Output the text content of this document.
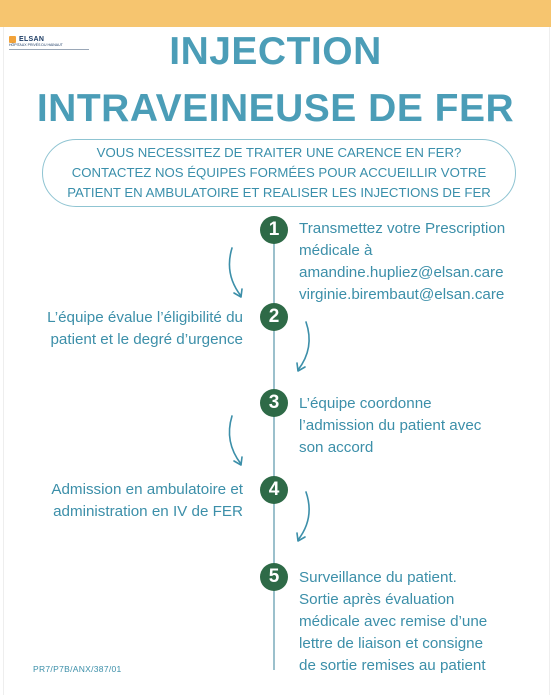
ELSAN
HÔPITAUX PRIVÉS DU HAINAUT	INJECTION
INTRAVEINEUSE DE FER
VOUS NECESSITEZ DE TRAITER UNE CARENCE EN FER?
CONTACTEZ NOS ÉQUIPES FORMÉES POUR ACCUEILLIR VOTRE
PATIENT EN AMBULATOIRE ET REALISER LES INJECTIONS DE FER
1
2
3
4
5
Transmettez votre Prescription
médicale à
amandine.hupliez@elsan.care
virginie.birembaut@elsan.care
L’équipe évalue l’éligibilité du
patient et le degré d’urgence
L’équipe coordonne
l’admission du patient avec
son accord
Admission en ambulatoire et
administration en IV de FER
Surveillance du patient.
Sortie après évaluation
médicale avec remise d’une
lettre de liaison et consigne
de sortie remises au patient
PR7/P7B/ANX/387/01
